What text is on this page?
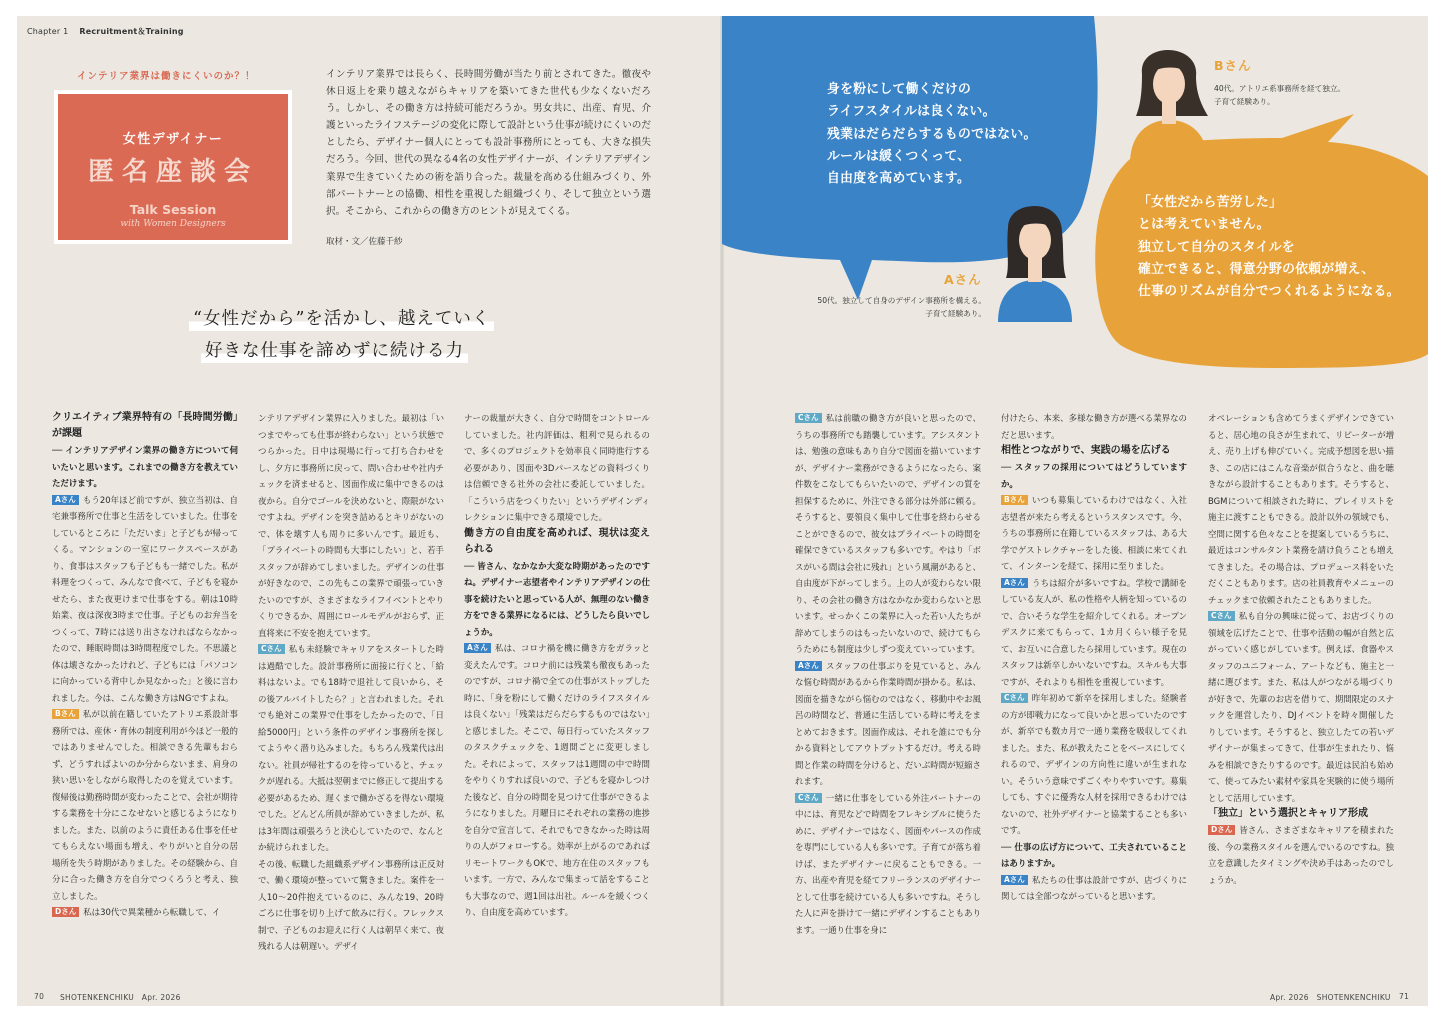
Chapter 1 　 Recruitment＆Training
インテリア業界は働きにくいのか？！
女性デザイナー
匿名座談会
Talk Session
with Women Designers

インテリア業界では長らく、長時間労働が当たり前とされてきた。徹夜や休日返上を乗り越えながらキャリアを築いてきた世代も少なくないだろう。しかし、その働き方は持続可能だろうか。男女共に、出産、育児、介護といったライフステージの変化に際して設計という仕事が続けにくいのだとしたら、デザイナー個人にとっても設計事務所にとっても、大きな損失だろう。今回、世代の異なる4名の女性デザイナーが、インテリアデザイン業界で生きていくための術を語り合った。裁量を高める仕組みづくり、外部パートナーとの協働、相性を重視した組織づくり、そして独立という選択。そこから、これからの働き方のヒントが見えてくる。

取材・文／佐藤千紗
“女性だから”を活かし、越えていく
好きな仕事を諦めずに続ける力

クリエイティブ業界特有の「長時間労働」が課題

── インテリアデザイン業界の働き方について伺いたいと思います。これまでの働き方を教えていただけます。

Aさん もう20年ほど前ですが、独立当初は、自宅兼事務所で仕事と生活をしていました。仕事をしているところに「ただいま」と子どもが帰ってくる。マンションの一室にワークスペースがあり、食事はスタッフも子どもも一緒でした。私が料理をつくって、みんなで食べて、子どもを寝かせたら、また夜更けまで仕事をする。朝は10時始業、夜は深夜3時まで仕事。子どものお弁当をつくって、7時には送り出さなければならなかったので、睡眠時間は3時間程度でした。不思議と体は壊さなかったけれど、子どもには「パソコンに向かっている背中しか見なかった」と後に言われました。今は、こんな働き方はNGですよね。

Bさん 私が以前在籍していたアトリエ系設計事務所では、産休・育休の制度利用が今ほど一般的ではありませんでした。相談できる先輩もおらず、どうすればよいのか分からないまま、肩身の狭い思いをしながら取得したのを覚えています。復帰後は勤務時間が変わったことで、会社が期待する業務を十分にこなせないと感じるようになりました。また、以前のように責任ある仕事を任せてもらえない場面も増え、やりがいと自分の居場所を失う時期がありました。その経験から、自分に合った働き方を自分でつくろうと考え、独立しました。

Dさん 私は30代で異業種から転職して、イ

ンテリアデザイン業界に入りました。最初は「いつまでやっても仕事が終わらない」という状態でつらかった。日中は現場に行って打ち合わせをし、夕方に事務所に戻って、問い合わせや社内チェックを済ませると、図面作成に集中できるのは夜から。自分でゴールを決めないと、際限がないですよね。デザインを突き詰めるとキリがないので、体を壊す人も周りに多いんです。最近も、「プライベートの時間も大事にしたい」と、若手スタッフが辞めてしまいました。デザインの仕事が好きなので、この先もこの業界で頑張っていきたいのですが、さまざまなライフイベントとやりくりできるか、周囲にロールモデルがおらず、正直将来に不安を抱えています。

Cさん 私も未経験でキャリアをスタートした時は過酷でした。設計事務所に面接に行くと、「給料はないよ。でも18時で退社して良いから、その後アルバイトしたら？」と言われました。それでも絶対この業界で仕事をしたかったので、「日給5000円」という条件のデザイン事務所を探してようやく潜り込みました。もちろん残業代は出ない。社員が帰社するのを待っていると、チェックが遅れる。大抵は翌朝までに修正して提出する必要があるため、遅くまで働かざるを得ない環境でした。どんどん所員が辞めていきましたが、私は3年間は頑張ろうと決心していたので、なんとか続けられました。

その後、転職した組織系デザイン事務所は正反対で、働く環境が整っていて驚きました。案件を一人10〜20件抱えているのに、みんな19、20時ごろに仕事を切り上げて飲みに行く。フレックス制で、子どものお迎えに行く人は朝早く来て、夜残れる人は朝遅い。デザイ

ナーの裁量が大きく、自分で時間をコントロールしていました。社内評価は、粗利で見られるので、多くのプロジェクトを効率良く同時進行する必要があり、図面や3Dパースなどの資料づくりは信頼できる社外の会社に委託していました。「こういう店をつくりたい」というデザインディレクションに集中できる環境でした。

働き方の自由度を高めれば、現状は変えられる

── 皆さん、なかなか大変な時期があったのですね。デザイナー志望者やインテリアデザインの仕事を続けたいと思っている人が、無理のない働き方をできる業界になるには、どうしたら良いでしょうか。

Aさん 私は、コロナ禍を機に働き方をガラッと変えたんです。コロナ前には残業も徹夜もあったのですが、コロナ禍で全ての仕事がストップした時に、「身を粉にして働くだけのライフスタイルは良くない」「残業はだらだらするものではない」と感じました。そこで、毎日行っていたスタッフのタスクチェックを、1週間ごとに変更しました。それによって、スタッフは1週間の中で時間をやりくりすれば良いので、子どもを寝かしつけた後など、自分の時間を見つけて仕事ができるようになりました。月曜日にそれぞれの業務の進捗を自分で宣言して、それでもできなかった時は周りの人がフォローする。効率が上がるのであればリモートワークもOKで、地方在住のスタッフもいます。一方で、みんなで集まって話をすることも大事なので、週1回は出社。ルールを緩くつくり、自由度を高めています。

70 SHOTENKENCHIKU　Apr. 2026
身を粉にして働くだけの
ライフスタイルは良くない。
残業はだらだらするものではない。
ルールは緩くつくって、
自由度を高めています。
「女性だから苦労した」
とは考えていません。
独立して自分のスタイルを
確立できると、得意分野の依頼が増え、
仕事のリズムが自分でつくれるようになる。
Aさん
50代。独立して自身のデザイン事務所を構える。
子育て経験あり。
Bさん
40代。アトリエ系事務所を経て独立。
子育て経験あり。

Cさん 私は前職の働き方が良いと思ったので、うちの事務所でも踏襲しています。アシスタントは、勉強の意味もあり自分で図面を描いていますが、デザイナー業務ができるようになったら、案件数をこなしてもらいたいので、デザインの質を担保するために、外注できる部分は外部に頼る。そうすると、要領良く集中して仕事を終わらせることができるので、彼女はプライベートの時間を確保できているスタッフも多いです。やはり「ボスがいる間は会社に残れ」という風潮があると、自由度が下がってしまう。上の人が変わらない限り、その会社の働き方はなかなか変わらないと思います。せっかくこの業界に入った若い人たちが辞めてしまうのはもったいないので、続けてもらうためにも制度は少しずつ変えていっています。

Aさん スタッフの仕事ぶりを見ていると、みんな悩む時間があるから作業時間が掛かる。私は、図面を描きながら悩むのではなく、移動中やお風呂の時間など、普通に生活している時に考えをまとめておきます。図面作成は、それを誰にでも分かる資料としてアウトプットするだけ。考える時間と作業の時間を分けると、だいぶ時間が短縮されます。

Cさん 一緒に仕事をしている外注パートナーの中には、育児などで時間をフレキシブルに使うために、デザイナーではなく、図面やパースの作成を専門にしている人も多いです。子育てが落ち着けば、またデザイナーに戻ることもできる。一方、出産や育児を経てフリーランスのデザイナーとして仕事を続けている人も多いですね。そうした人に声を掛けて一緒にデザインすることもあります。一通り仕事を身に

付けたら、本来、多様な働き方が選べる業界なのだと思います。

相性とつながりで、実践の場を広げる

── スタッフの採用についてはどうしていますか。

Bさん いつも募集しているわけではなく、入社志望者が来たら考えるというスタンスです。今、うちの事務所に在籍しているスタッフは、ある大学でゲストレクチャーをした後、相談に来てくれて、インターンを経て、採用に至りました。

Aさん うちは紹介が多いですね。学校で講師をしている友人が、私の性格や人柄を知っているので、合いそうな学生を紹介してくれる。オープンデスクに来てもらって、1カ月くらい様子を見て、お互いに合意したら採用しています。現在のスタッフは新卒しかいないですね。スキルも大事ですが、それよりも相性を重視しています。

Cさん 昨年初めて新卒を採用しました。経験者の方が即戦力になって良いかと思っていたのですが、新卒でも数カ月で一通り業務を吸収してくれました。また、私が教えたことをベースにしてくれるので、デザインの方向性に違いが生まれない。そういう意味でずごくやりやすいです。募集しても、すぐに優秀な人材を採用できるわけではないので、社外デザイナーと協業することも多いです。

── 仕事の広げ方について、工夫されていることはありますか。

Aさん 私たちの仕事は設計ですが、店づくりに関しては全部つながっていると思います。

オペレーションも含めてうまくデザインできていると、居心地の良さが生まれて、リピーターが増え、売り上げも伸びていく。完成予想図を思い描き、この店にはこんな音楽が似合うなと、曲を聴きながら設計することもあります。そうすると、BGMについて相談された時に、プレイリストを施主に渡すこともできる。設計以外の領域でも、空間に関する色々なことを提案しているうちに、最近はコンサルタント業務を請け負うことも増えてきました。その場合は、プロデュース料をいただくこともあります。店の社員教育やメニューのチェックまで依頼されたこともありました。

Cさん 私も自分の興味に従って、お店づくりの領域を広げたことで、仕事や活動の幅が自然と広がっていく感じがしています。例えば、食器やスタッフのユニフォーム、アートなども、施主と一緒に選びます。また、私は人がつながる場づくりが好きで、先輩のお店を借りて、期間限定のスナックを運営したり、DJイベントを時々開催したりしています。そうすると、独立したての若いデザイナーが集まってきて、仕事が生まれたり、悩みを相談できたりするのです。最近は民泊も始めて、使ってみたい素材や家具を実験的に使う場所として活用しています。

「独立」という選択とキャリア形成

Dさん 皆さん、さまざまなキャリアを積まれた後、今の業務スタイルを選んでいるのですね。独立を意識したタイミングや決め手はあったのでしょうか。

Apr. 2026　SHOTENKENCHIKU 71
